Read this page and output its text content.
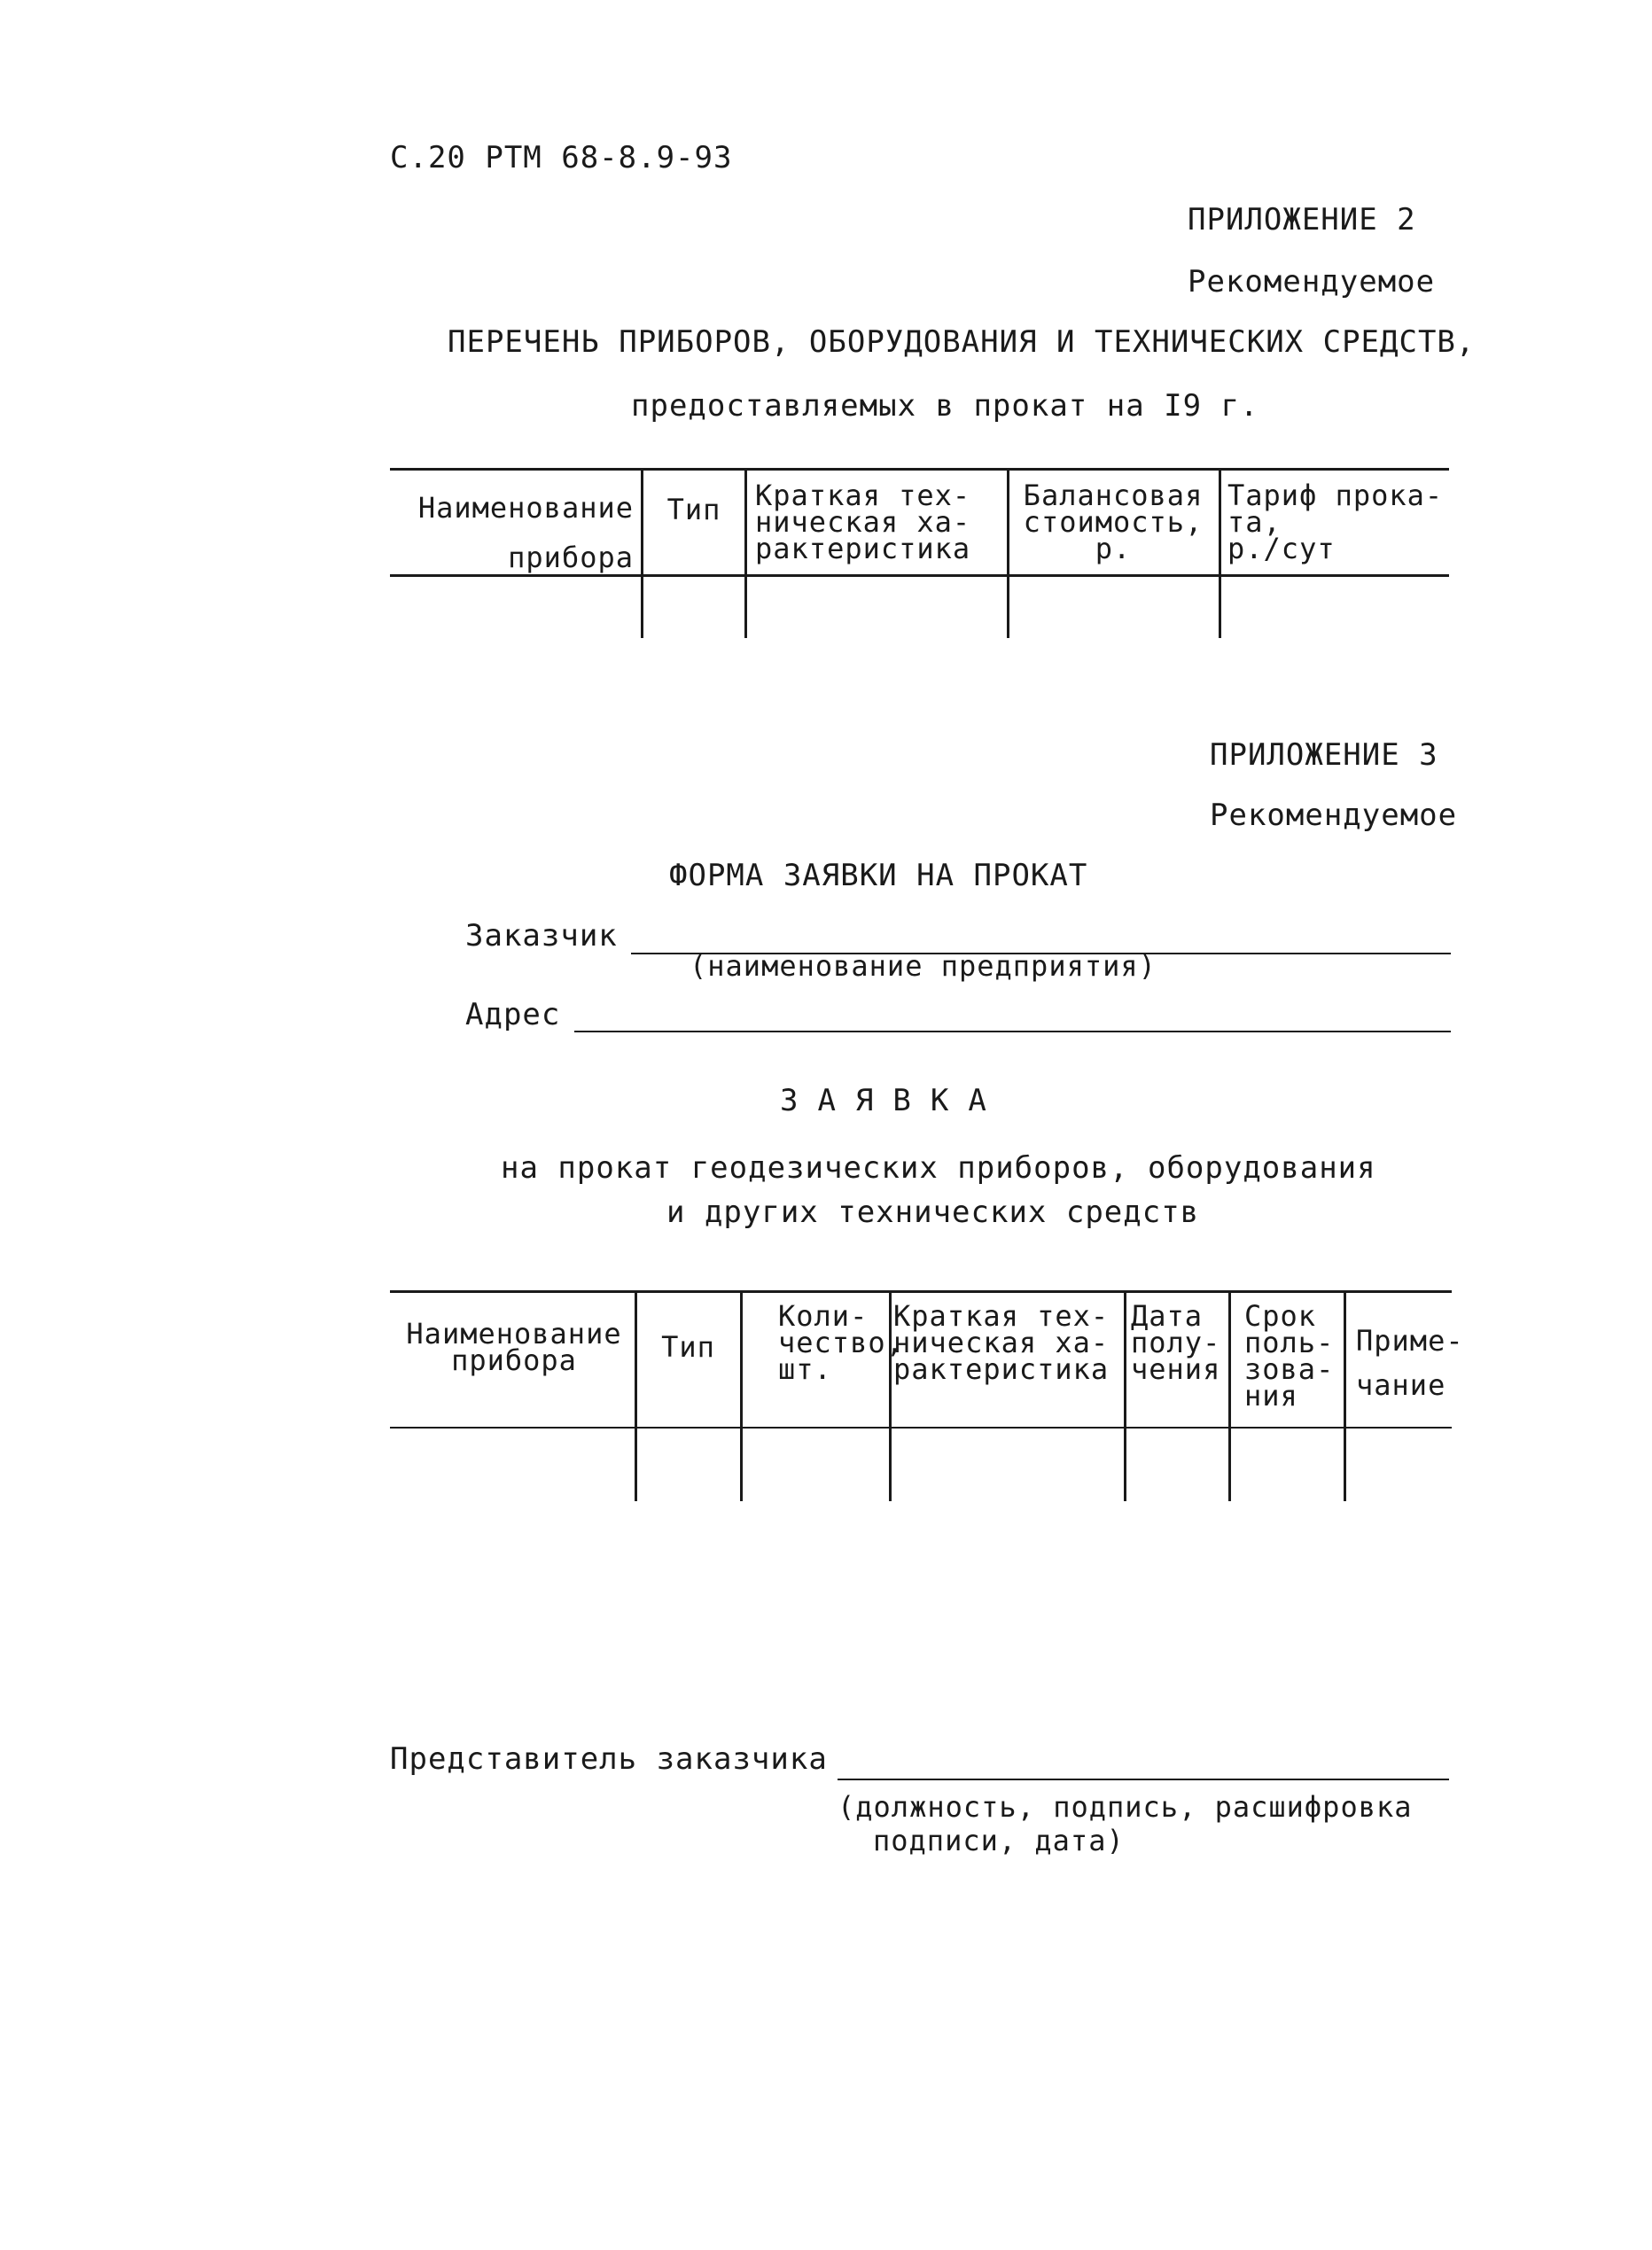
С.20 РТМ 68-8.9-93
ПРИЛОЖЕНИЕ 2
Рекомендуемое
ПЕРЕЧЕНЬ ПРИБОРОВ, ОБОРУДОВАНИЯ И ТЕХНИЧЕСКИХ СРЕДСТВ,
предоставляемых в прокат на I9 г.
Наименование
прибора
Тип	Краткая тех-
ническая ха-
рактеристика
Балансовая
стоимость,
р.
Тариф прока-
та,
р./сут
ПРИЛОЖЕНИЕ 3
Рекомендуемое
ФОРМА ЗАЯВКИ НА ПРОКАТ
Заказчик
(наименование предприятия)
Адрес
ЗАЯВКА
на прокат геодезических приборов, оборудования
и других технических средств
Наименование
прибора	Тип
Коли-
чество,
шт.
Краткая тех-
ническая ха-
рактеристика
Дата
полу-
чения
Срок
поль-
зова-
ния
Приме-
чание
Представитель заказчика
(должность, подпись, расшифровка
подписи, дата)
